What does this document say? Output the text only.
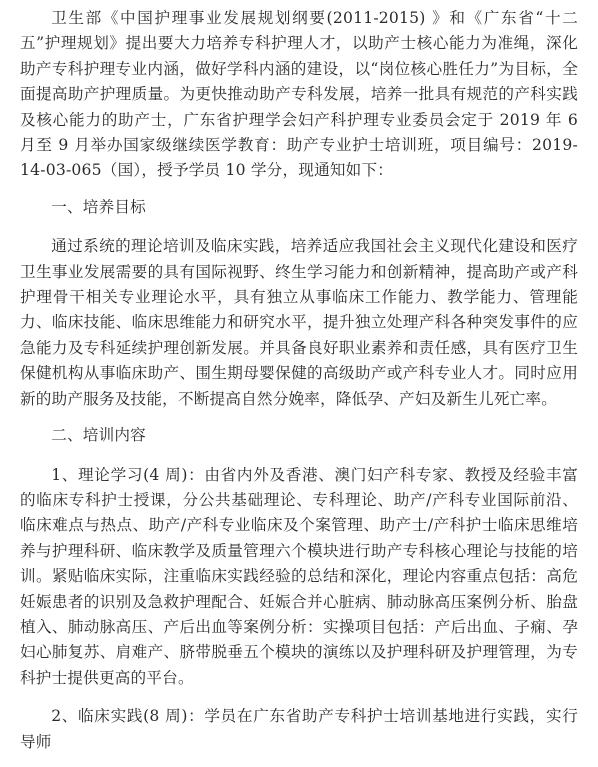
卫生部《中国护理事业发展规划纲要(2011-2015) 》和《广东省“十二五”护理规划》提出要大力培养专科护理人才，以助产士核心能力为准绳，深化助产专科护理专业内涵，做好学科内涵的建设，以“岗位核心胜任力”为目标，全面提高助产护理质量。为更快推动助产专科发展，培养一批具有规范的产科实践及核心能力的助产士，广东省护理学会妇产科护理专业委员会定于 2019 年 6 月至 9 月举办国家级继续医学教育：助产专业护士培训班，项目编号：2019-14-03-065（国），授予学员 10 学分，现通知如下：

一、培养目标

通过系统的理论培训及临床实践，培养适应我国社会主义现代化建设和医疗卫生事业发展需要的具有国际视野、终生学习能力和创新精神，提高助产或产科护理骨干相关专业理论水平，具有独立从事临床工作能力、教学能力、管理能力、临床技能、临床思维能力和研究水平，提升独立处理产科各种突发事件的应急能力及专科延续护理创新发展。并具备良好职业素养和责任感，具有医疗卫生保健机构从事临床助产、围生期母婴保健的高级助产或产科专业人才。同时应用新的助产服务及技能，不断提高自然分娩率，降低孕、产妇及新生儿死亡率。

二、培训内容

1、理论学习(4 周)：由省内外及香港、澳门妇产科专家、教授及经验丰富的临床专科护士授课，分公共基础理论、专科理论、助产/产科专业国际前沿、临床难点与热点、助产/产科专业临床及个案管理、助产士/产科护士临床思维培养与护理科研、临床教学及质量管理六个模块进行助产专科核心理论与技能的培训。紧贴临床实际，注重临床实践经验的总结和深化，理论内容重点包括：高危妊娠患者的识别及急救护理配合、妊娠合并心脏病、肺动脉高压案例分析、胎盘植入、肺动脉高压、产后出血等案例分析：实操项目包括：产后出血、子痫、孕妇心肺复苏、肩难产、脐带脱垂五个模块的演练以及护理科研及护理管理，为专科护士提供更高的平台。

2、临床实践(8 周)：学员在广东省助产专科护士培训基地进行实践，实行导师
